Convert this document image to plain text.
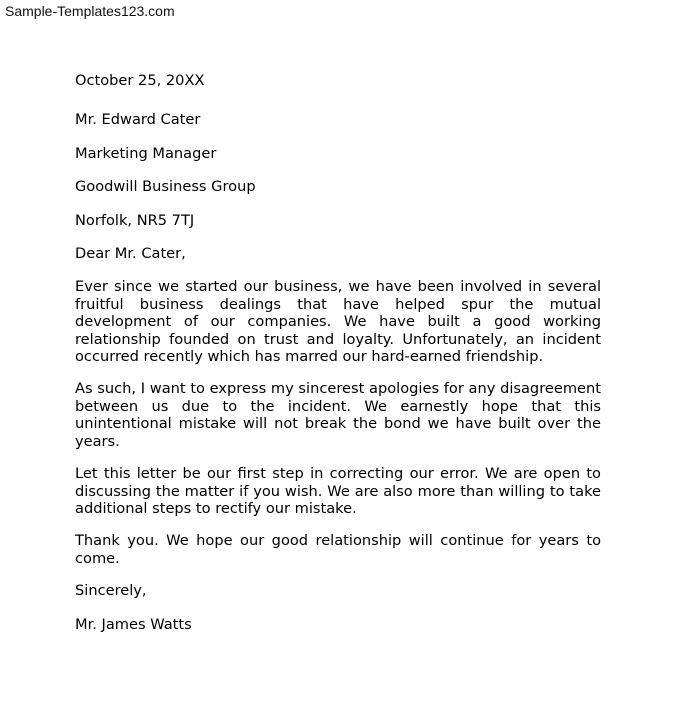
Sample-Templates123.com
October 25, 20XX
Mr. Edward Cater
Marketing Manager
Goodwill Business Group
Norfolk, NR5 7TJ
Dear Mr. Cater,
Ever since we started our business, we have been involved in several fruitful business dealings that have helped spur the mutual development of our companies. We have built a good working relationship founded on trust and loyalty. Unfortunately, an incident occurred recently which has marred our hard-earned friendship.
As such, I want to express my sincerest apologies for any disagreement between us due to the incident. We earnestly hope that this unintentional mistake will not break the bond we have built over the years.
Let this letter be our first step in correcting our error. We are open to discussing the matter if you wish. We are also more than willing to take additional steps to rectify our mistake.
Thank you. We hope our good relationship will continue for years to come.
Sincerely,
Mr. James Watts
